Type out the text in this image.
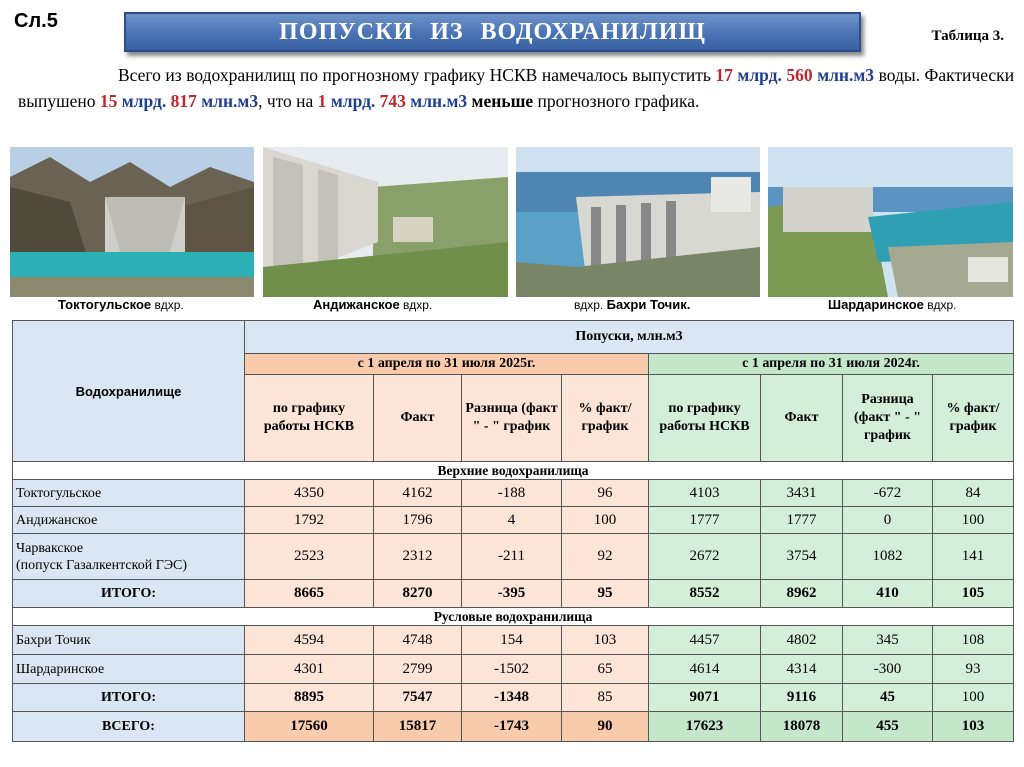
Сл.5	ПОПУСКИ ИЗ ВОДОХРАНИЛИЩ	Таблица 3.
Всего из водохранилищ по прогнозному графику НСКВ намечалось выпустить 17 млрд. 560 млн.м3 воды. Фактически выпушено 15 млрд. 817 млн.м3, что на 1 млрд. 743 млн.м3 меньше прогнозного графика.
Токтогульское вдхр.	Андижанское вдхр.	вдхр. Бахри Точик.	Шардаринское вдхр.
Водохранилище	Попуски, млн.м3							
	с 1 апреля по 31 июля 2025г.				с 1 апреля по 31 июля 2024г.			
	по графику работы НСКВ	Факт	Разница (факт " - " график	% факт/ график	по графику работы НСКВ	Факт	Разница (факт " - " график	% факт/ график
Верхние водохранилища								
Токтогульское	4350	4162	-188	96	4103	3431	-672	84
Андижанское	1792	1796	4	100	1777	1777	0	100
Чарвакское
(попуск Газалкентской ГЭС)	2523	2312	-211	92	2672	3754	1082	141
ИТОГО:	8665	8270	-395	95	8552	8962	410	105
Русловые водохранилища								
Бахри Точик	4594	4748	154	103	4457	4802	345	108
Шардаринское	4301	2799	-1502	65	4614	4314	-300	93
ИТОГО:	8895	7547	-1348	85	9071	9116	45	100
ВСЕГО:	17560	15817	-1743	90	17623	18078	455	103
